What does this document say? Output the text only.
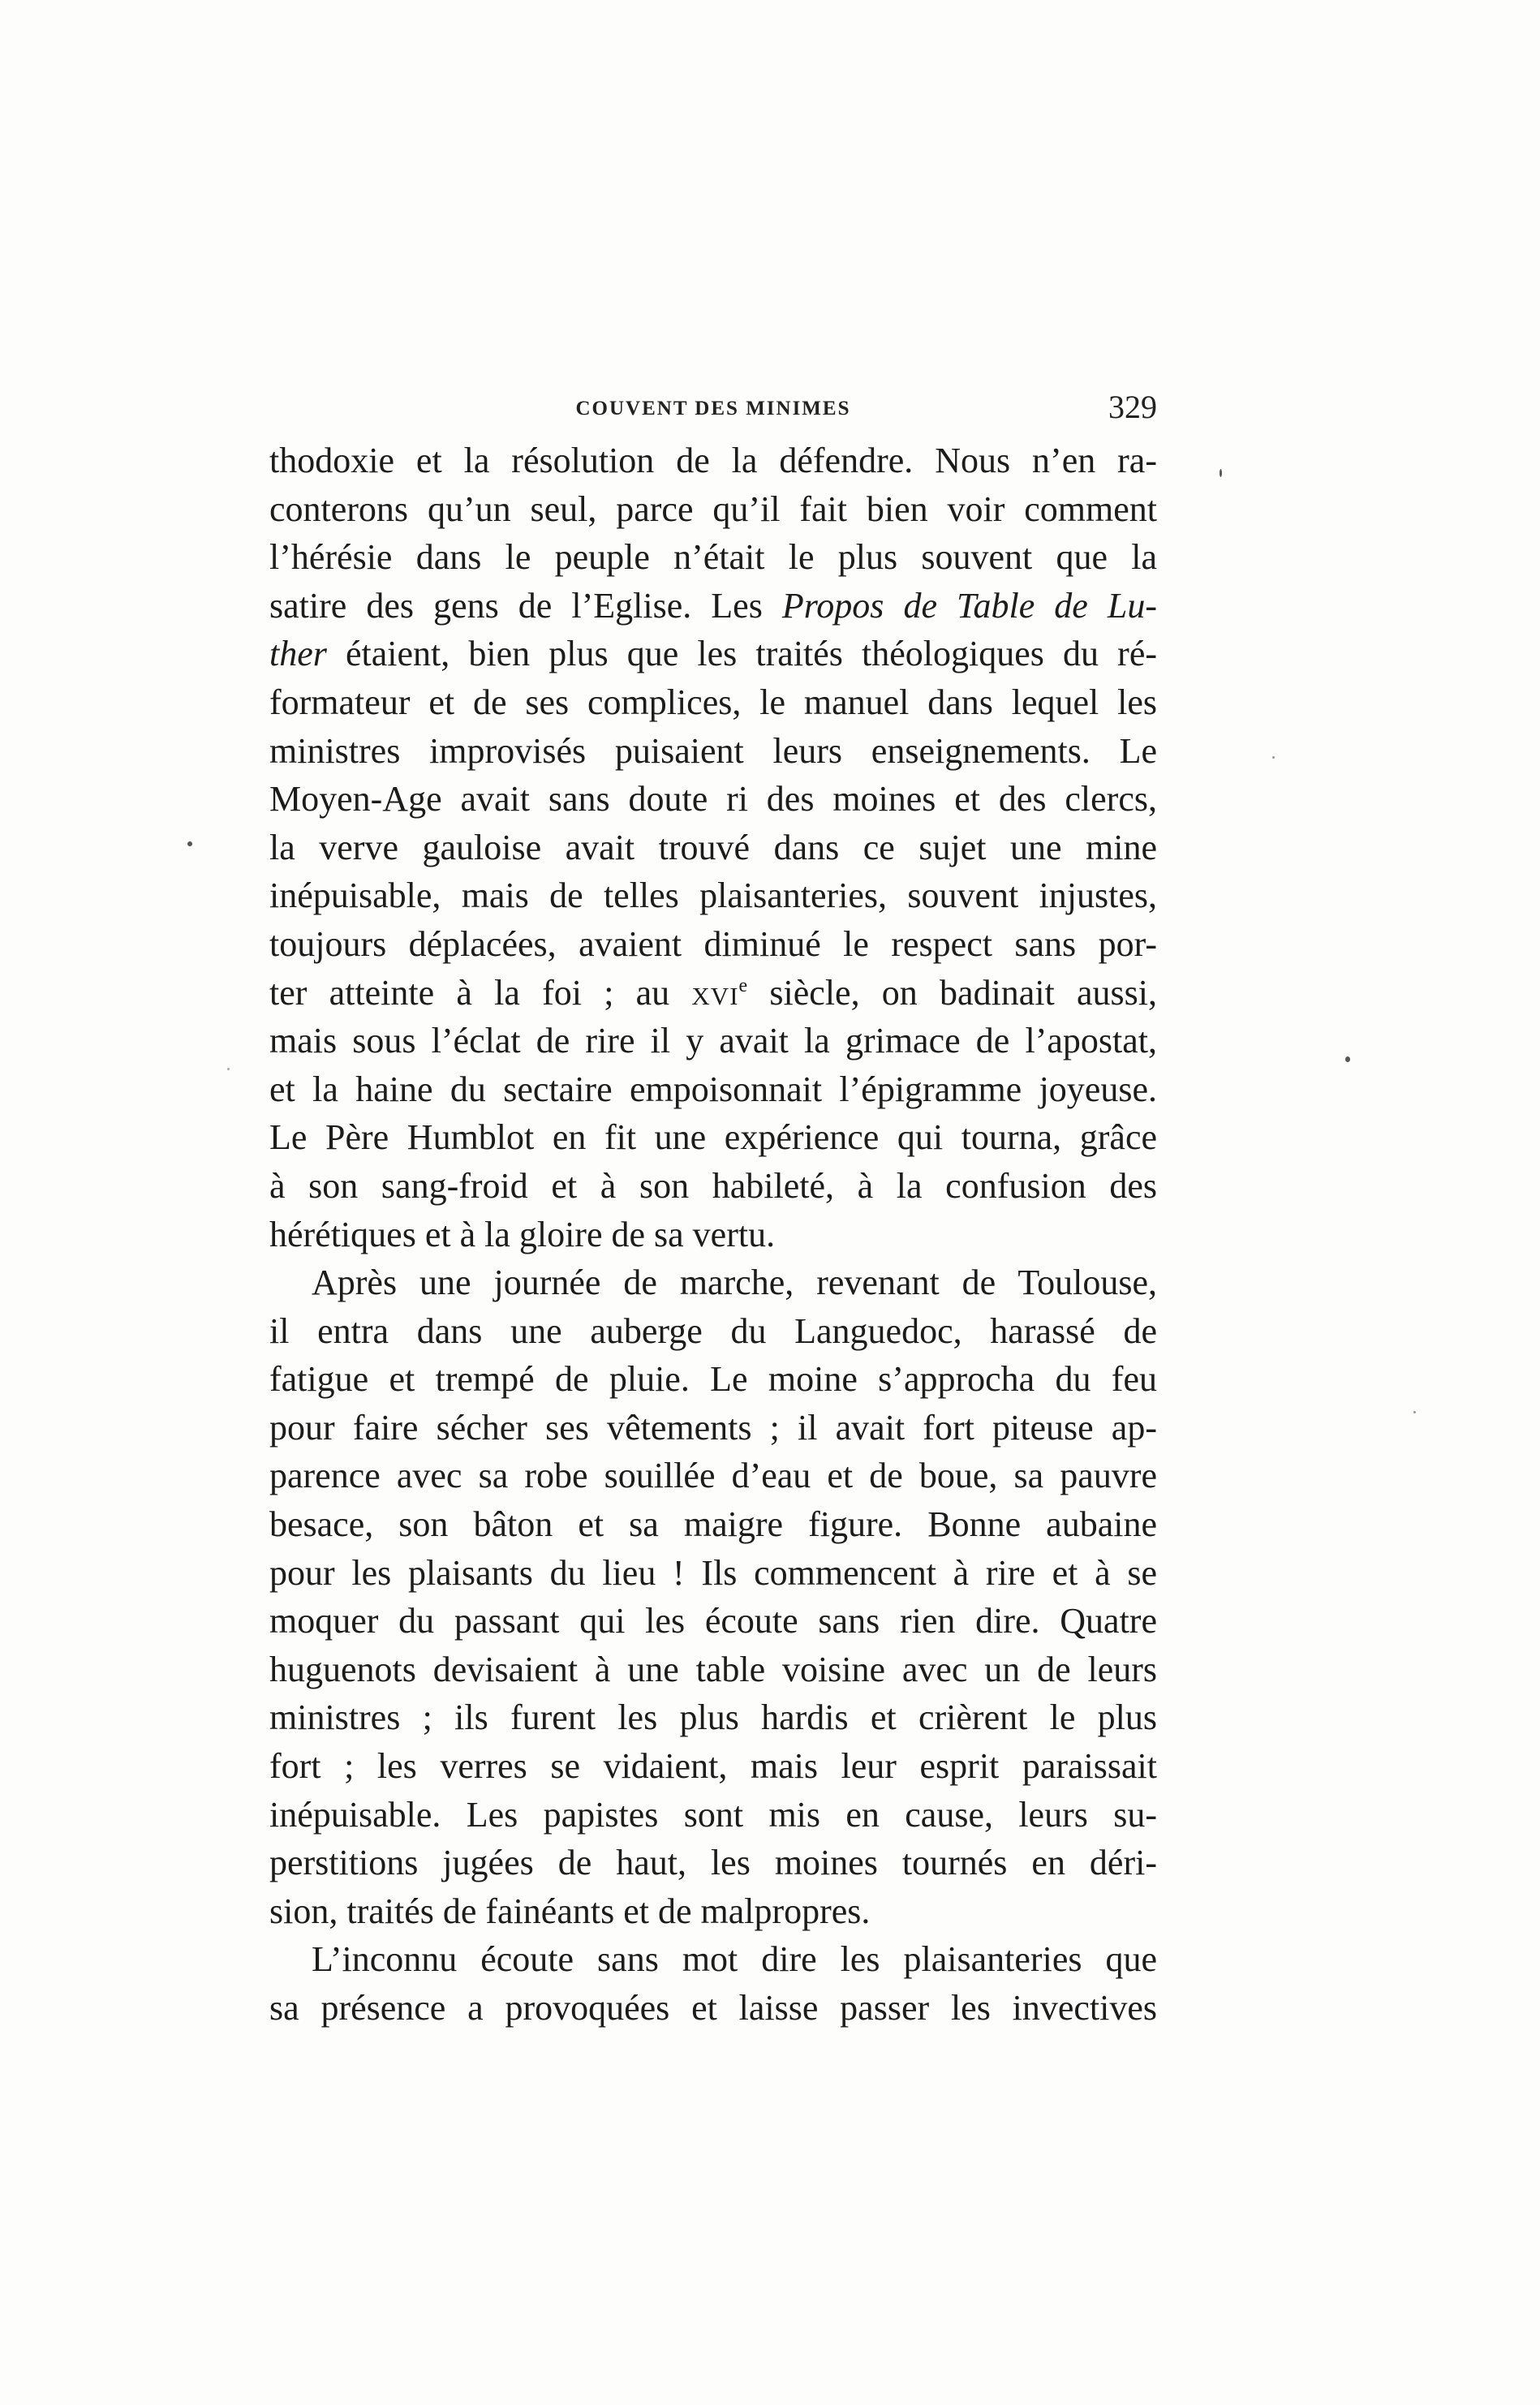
COUVENT DES MINIMES	329
thodoxie et la résolution de la défendre. Nous n’en ra-
conterons qu’un seul, parce qu’il fait bien voir comment
l’hérésie dans le peuple n’était le plus souvent que la
satire des gens de l’Eglise. Les Propos de Table de Lu-
ther étaient, bien plus que les traités théologiques du ré-
formateur et de ses complices, le manuel dans lequel les
ministres improvisés puisaient leurs enseignements. Le
Moyen-Age avait sans doute ri des moines et des clercs,
la verve gauloise avait trouvé dans ce sujet une mine
inépuisable, mais de telles plaisanteries, souvent injustes,
toujours déplacées, avaient diminué le respect sans por-
ter atteinte à la foi ; au xvi$^e$ siècle, on badinait aussi,
mais sous l’éclat de rire il y avait la grimace de l’apostat,
et la haine du sectaire empoisonnait l’épigramme joyeuse.
Le Père Humblot en fit une expérience qui tourna, grâce
à son sang-froid et à son habileté, à la confusion des
hérétiques et à la gloire de sa vertu.
Après une journée de marche, revenant de Toulouse,
il entra dans une auberge du Languedoc, harassé de
fatigue et trempé de pluie. Le moine s’approcha du feu
pour faire sécher ses vêtements ; il avait fort piteuse ap-
parence avec sa robe souillée d’eau et de boue, sa pauvre
besace, son bâton et sa maigre figure. Bonne aubaine
pour les plaisants du lieu ! Ils commencent à rire et à se
moquer du passant qui les écoute sans rien dire. Quatre
huguenots devisaient à une table voisine avec un de leurs
ministres ; ils furent les plus hardis et crièrent le plus
fort ; les verres se vidaient, mais leur esprit paraissait
inépuisable. Les papistes sont mis en cause, leurs su-
perstitions jugées de haut, les moines tournés en déri-
sion, traités de fainéants et de malpropres.
L’inconnu écoute sans mot dire les plaisanteries que
sa présence a provoquées et laisse passer les invectives
